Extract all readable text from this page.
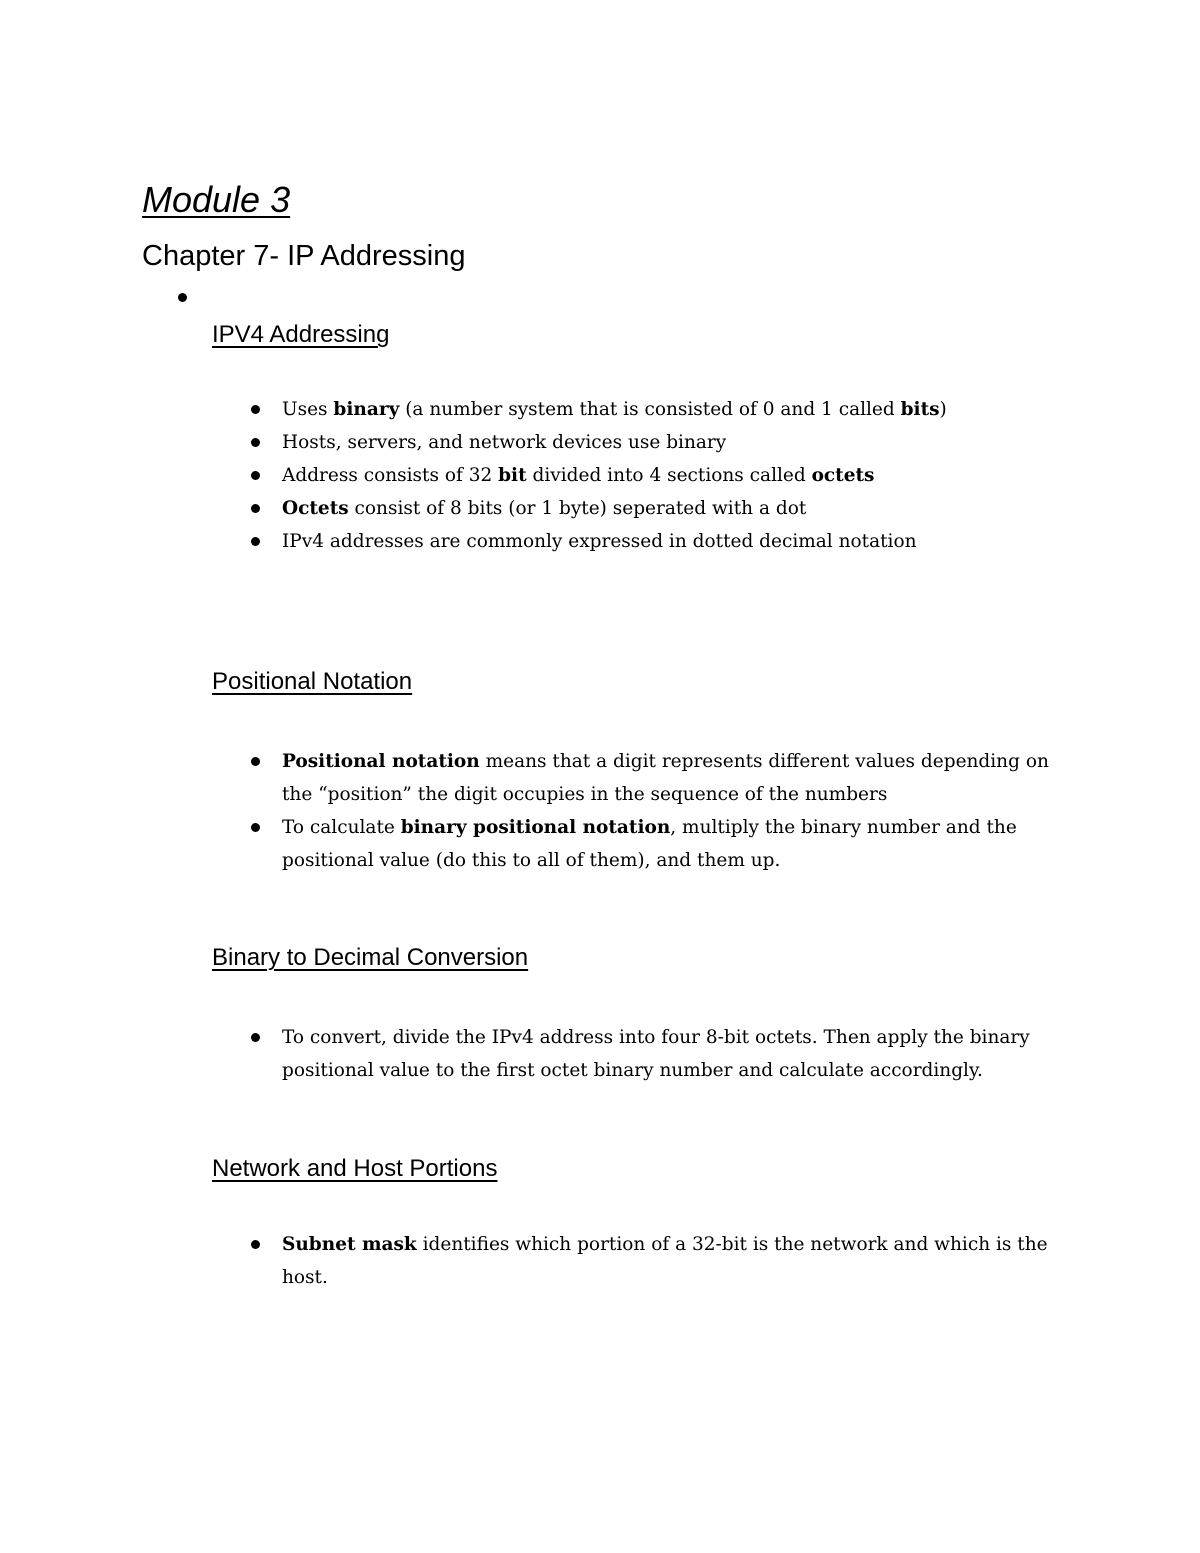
Module 3
Chapter 7- IP Addressing
IPV4 Addressing
Uses binary (a number system that is consisted of 0 and 1 called bits)
Hosts, servers, and network devices use binary
Address consists of 32 bit divided into 4 sections called octets
Octets consist of 8 bits (or 1 byte) seperated with a dot
IPv4 addresses are commonly expressed in dotted decimal notation
Positional Notation
Positional notation means that a digit represents different values depending on the “position” the digit occupies in the sequence of the numbers
To calculate binary positional notation, multiply the binary number and the positional value (do this to all of them), and them up.
Binary to Decimal Conversion
To convert, divide the IPv4 address into four 8-bit octets. Then apply the binary positional value to the first octet binary number and calculate accordingly.
Network and Host Portions
Subnet mask identifies which portion of a 32-bit is the network and which is the host.
